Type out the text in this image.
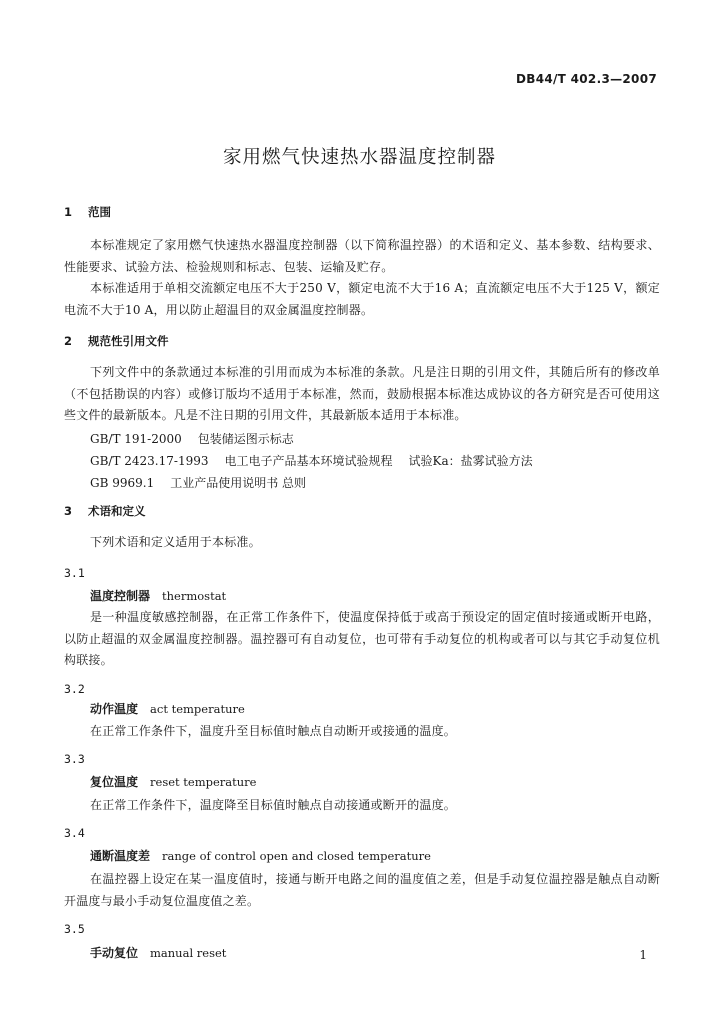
DB44/T 402.3—2007
家用燃气快速热水器温度控制器
1 范围
本标准规定了家用燃气快速热水器温度控制器（以下简称温控器）的术语和定义、基本参数、结构要求、性能要求、试验方法、检验规则和标志、包装、运输及贮存。
本标准适用于单相交流额定电压不大于250 V，额定电流不大于16 A；直流额定电压不大于125 V，额定电流不大于10 A，用以防止超温目的双金属温度控制器。
2 规范性引用文件
下列文件中的条款通过本标准的引用而成为本标准的条款。凡是注日期的引用文件，其随后所有的修改单（不包括勘误的内容）或修订版均不适用于本标准，然而，鼓励根据本标准达成协议的各方研究是否可使用这些文件的最新版本。凡是不注日期的引用文件，其最新版本适用于本标准。
GB/T 191-2000 包装储运图示标志
GB/T 2423.17-1993 电工电子产品基本环境试验规程 试验Ka：盐雾试验方法
GB 9969.1 工业产品使用说明书 总则
3 术语和定义
下列术语和定义适用于本标准。
3.1
温度控制器 thermostat
是一种温度敏感控制器，在正常工作条件下，使温度保持低于或高于预设定的固定值时接通或断开电路，以防止超温的双金属温度控制器。温控器可有自动复位，也可带有手动复位的机构或者可以与其它手动复位机构联接。
3.2
动作温度 act temperature
在正常工作条件下，温度升至目标值时触点自动断开或接通的温度。
3.3
复位温度 reset temperature
在正常工作条件下，温度降至目标值时触点自动接通或断开的温度。
3.4
通断温度差 range of control open and closed temperature
在温控器上设定在某一温度值时，接通与断开电路之间的温度值之差，但是手动复位温控器是触点自动断开温度与最小手动复位温度值之差。
3.5
手动复位 manual reset	1
